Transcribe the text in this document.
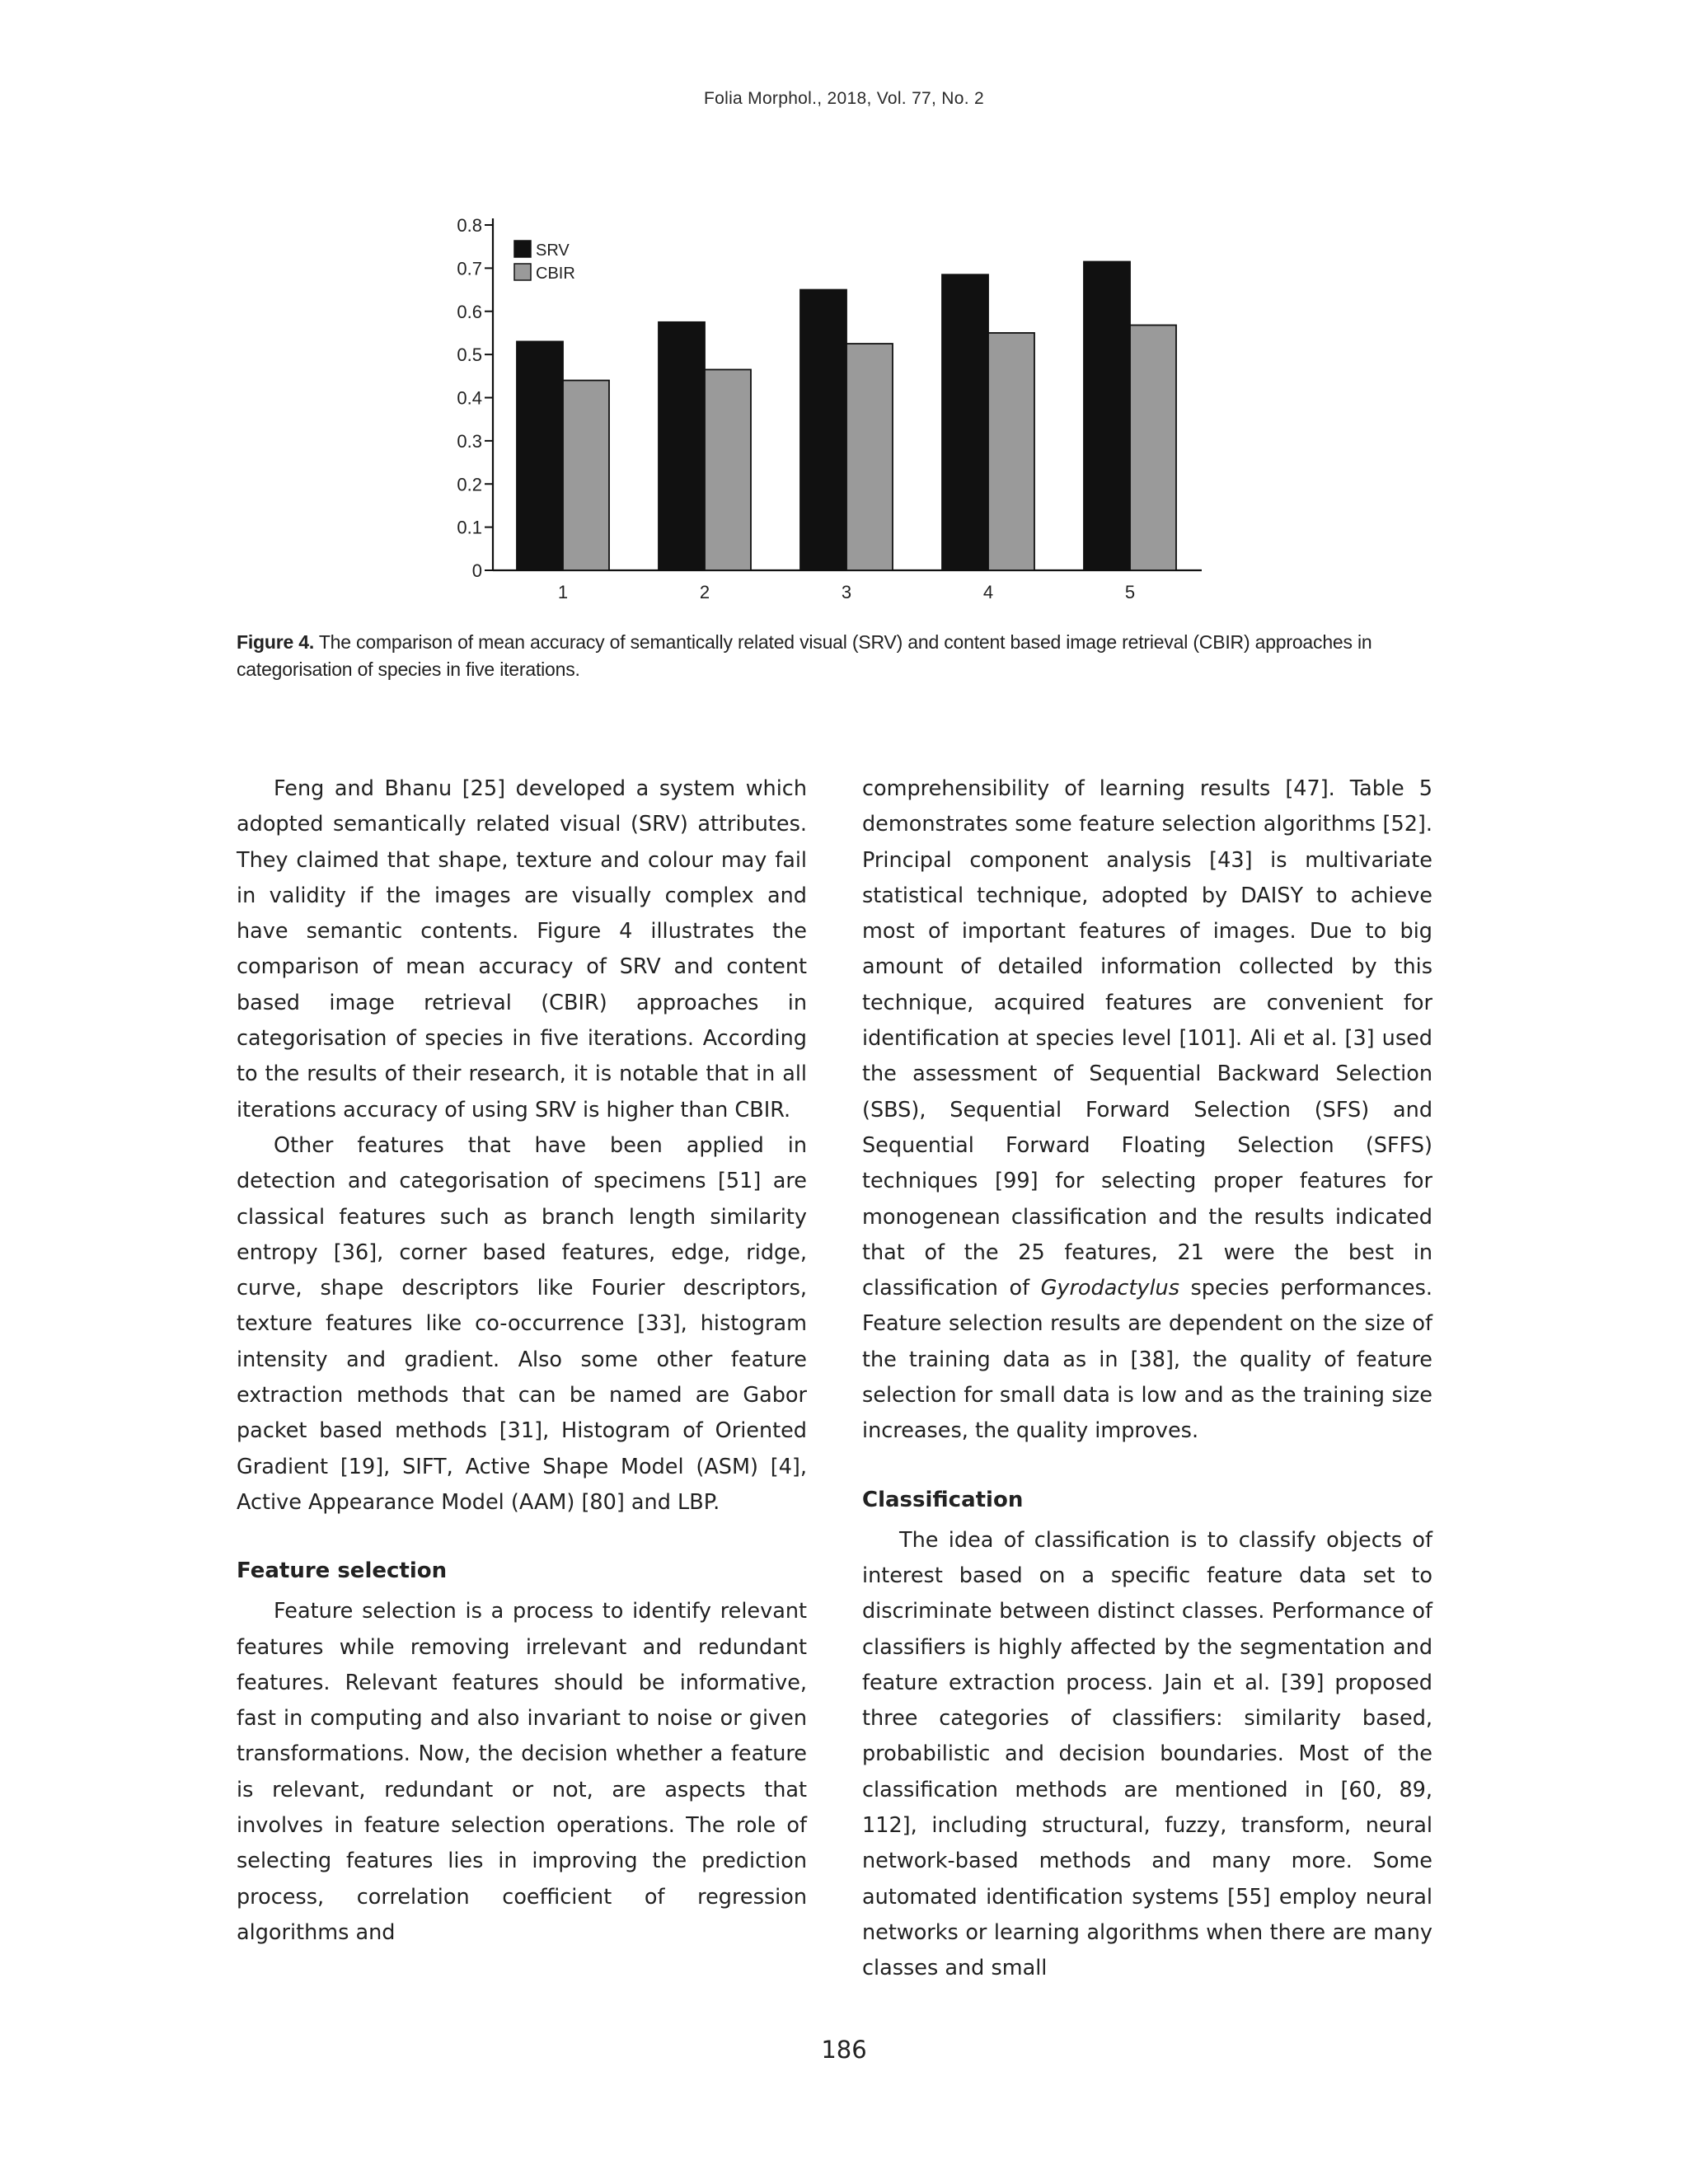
Folia Morphol., 2018, Vol. 77, No. 2
0
0.1
0.2
0.3
0.4
0.5
0.6
0.7
0.8
1	2	3	4	5
SRV
CBIR
Figure 4. The comparison of mean accuracy of semantically related visual (SRV) and content based image retrieval (CBIR) approaches in categorisation of species in five iterations.

Feng and Bhanu [25] developed a system which adopted semantically related visual (SRV) attributes. They claimed that shape, texture and colour may fail in validity if the images are visually complex and have semantic contents. Figure 4 illustrates the comparison of mean accuracy of SRV and content based image retrieval (CBIR) approaches in categorisation of species in five iterations. According to the results of their research, it is notable that in all iterations accuracy of using SRV is higher than CBIR.

Other features that have been applied in detection and categorisation of specimens [51] are classical features such as branch length similarity entropy [36], corner based features, edge, ridge, curve, shape descriptors like Fourier descriptors, texture features like co-occurrence [33], histogram intensity and gradient. Also some other feature extraction methods that can be named are Gabor packet based methods [31], Histogram of Oriented Gradient [19], SIFT, Active Shape Model (ASM) [4], Active Appearance Model (AAM) [80] and LBP.

Feature selection

Feature selection is a process to identify relevant features while removing irrelevant and redundant features. Relevant features should be informative, fast in computing and also invariant to noise or given transformations. Now, the decision whether a feature is relevant, redundant or not, are aspects that involves in feature selection operations. The role of selecting features lies in improving the prediction process, correlation coefficient of regression algorithms and

comprehensibility of learning results [47]. Table 5 demonstrates some feature selection algorithms [52]. Principal component analysis [43] is multivariate statistical technique, adopted by DAISY to achieve most of important features of images. Due to big amount of detailed information collected by this technique, acquired features are convenient for identification at species level [101]. Ali et al. [3] used the assessment of Sequential Backward Selection (SBS), Sequential Forward Selection (SFS) and Sequential Forward Floating Selection (SFFS) techniques [99] for selecting proper features for monogenean classification and the results indicated that of the 25 features, 21 were the best in classification of Gyrodactylus species performances. Feature selection results are dependent on the size of the training data as in [38], the quality of feature selection for small data is low and as the training size increases, the quality improves.

Classification

The idea of classification is to classify objects of interest based on a specific feature data set to discriminate between distinct classes. Performance of classifiers is highly affected by the segmentation and feature extraction process. Jain et al. [39] proposed three categories of classifiers: similarity based, probabilistic and decision boundaries. Most of the classification methods are mentioned in [60, 89, 112], including structural, fuzzy, transform, neural network-based methods and many more. Some automated identification systems [55] employ neural networks or learning algorithms when there are many classes and small

186
